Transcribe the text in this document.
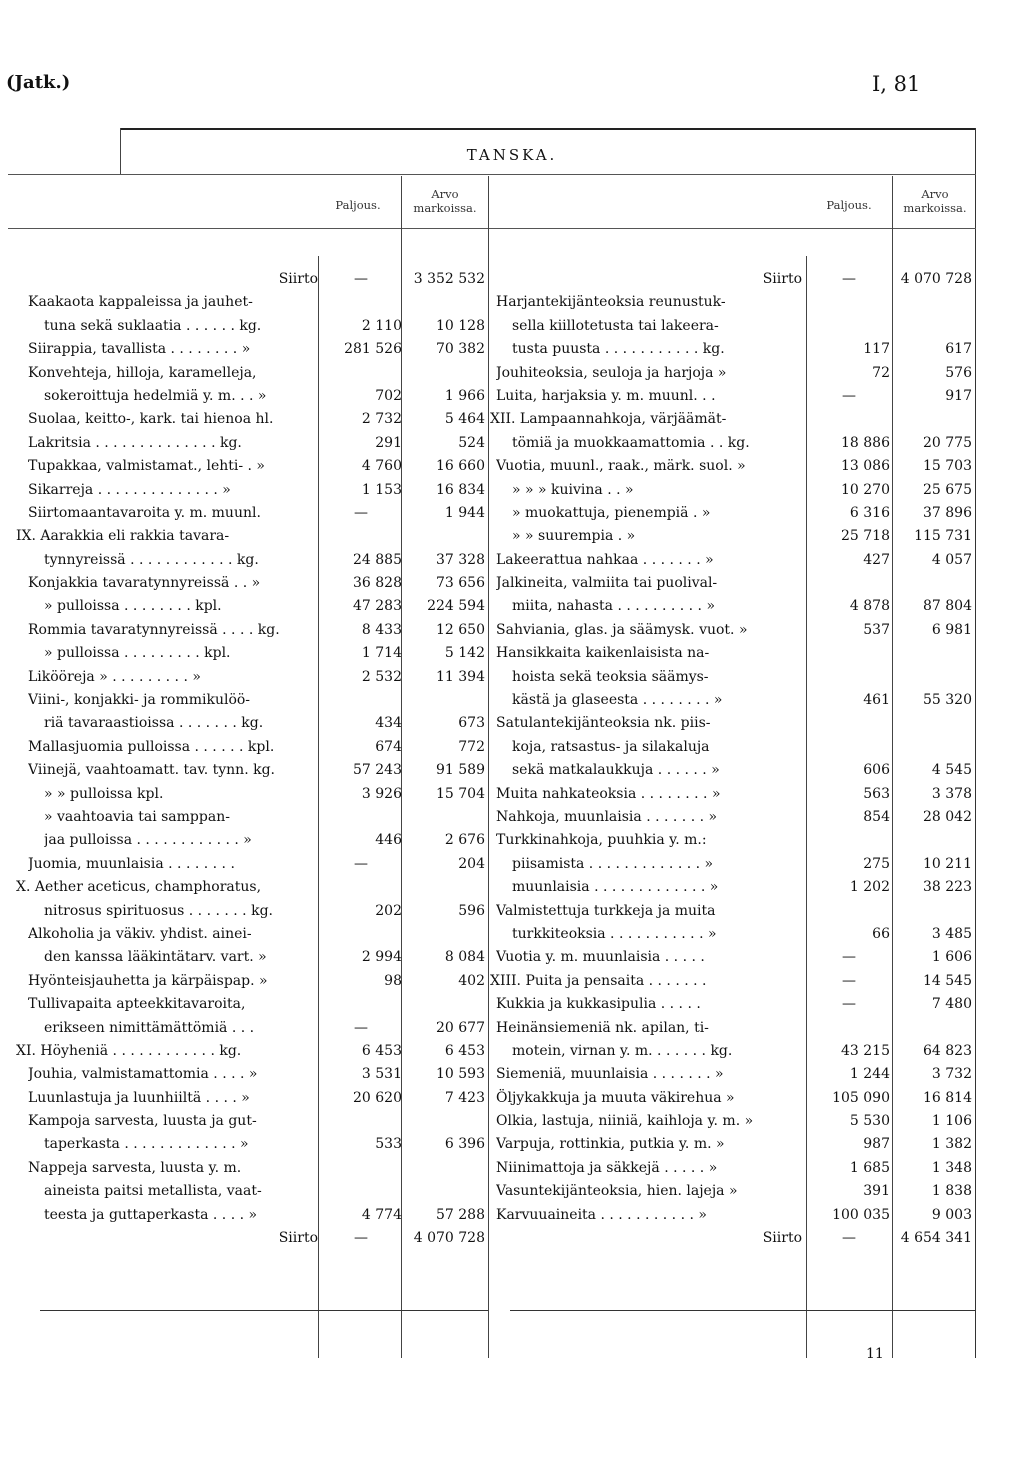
(Jatk.)	I, 81
TANSKA.
Paljous.
Arvo
markoissa.	Paljous.
Arvo
markoissa.
Siirto	—	3 352 532
Kaakaota kappaleissa ja jauhet-
tuna sekä suklaatia . . . . . . kg.	2 110	10 128
Siirappia, tavallista . . . . . . . . »	281 526	70 382
Konvehteja, hilloja, karamelleja,
sokeroittuja hedelmiä y. m. . . »	702	1 966
Suolaa, keitto-, kark. tai hienoa hl.	2 732	5 464
Lakritsia . . . . . . . . . . . . . . kg.	291	524
Tupakkaa, valmistamat., lehti- . »	4 760	16 660
Sikarreja . . . . . . . . . . . . . . »	1 153	16 834
Siirtomaantavaroita y. m. muunl.	—	1 944
IX. Aarakkia eli rakkia tavara-
tynnyreissä . . . . . . . . . . . . kg.	24 885	37 328
Konjakkia tavaratynnyreissä . . »	36 828	73 656
» pulloissa . . . . . . . . kpl.	47 283	224 594
Rommia tavaratynnyreissä . . . . kg.	8 433	12 650
» pulloissa . . . . . . . . . kpl.	1 714	5 142
Likööreja » . . . . . . . . . »	2 532	11 394
Viini-, konjakki- ja rommikulöö-
riä tavaraastioissa . . . . . . . kg.	434	673
Mallasjuomia pulloissa . . . . . . kpl.	674	772
Viinejä, vaahtoamatt. tav. tynn. kg.	57 243	91 589
» » pulloissa kpl.	3 926	15 704
» vaahtoavia tai samppan-
jaa pulloissa . . . . . . . . . . . . »	446	2 676
Juomia, muunlaisia . . . . . . . .	—	204
X. Aether aceticus, champhoratus,
nitrosus spirituosus . . . . . . . kg.	202	596
Alkoholia ja väkiv. yhdist. ainei-
den kanssa lääkintätarv. vart. »	2 994	8 084
Hyönteisjauhetta ja kärpäispap. »	98	402
Tullivapaita apteekkitavaroita,
erikseen nimittämättömiä . . .	—	20 677
XI. Höyheniä . . . . . . . . . . . . kg.	6 453	6 453
Jouhia, valmistamattomia . . . . »	3 531	10 593
Luunlastuja ja luunhiiltä . . . . »	20 620	7 423
Kampoja sarvesta, luusta ja gut-
taperkasta . . . . . . . . . . . . . »	533	6 396
Nappeja sarvesta, luusta y. m.
aineista paitsi metallista, vaat-
teesta ja guttaperkasta . . . . »	4 774	57 288
Siirto	—	4 070 728
Siirto	—	4 070 728
Harjantekijänteoksia reunustuk-
sella kiillotetusta tai lakeera-
tusta puusta . . . . . . . . . . . kg.	117	617
Jouhiteoksia, seuloja ja harjoja »	72	576
Luita, harjaksia y. m. muunl. . .	—	917
XII. Lampaannahkoja, värjäämät-
tömiä ja muokkaamattomia . . kg.	18 886	20 775
Vuotia, muunl., raak., märk. suol. »	13 086	15 703
» » » kuivina . . »	10 270	25 675
» muokattuja, pienempiä . »	6 316	37 896
» » suurempia . »	25 718	115 731
Lakeerattua nahkaa . . . . . . . »	427	4 057
Jalkineita, valmiita tai puolival-
miita, nahasta . . . . . . . . . . »	4 878	87 804
Sahviania, glas. ja säämysk. vuot. »	537	6 981
Hansikkaita kaikenlaisista na-
hoista sekä teoksia säämys-
kästä ja glaseesta . . . . . . . . »	461	55 320
Satulantekijänteoksia nk. piis-
koja, ratsastus- ja silakaluja
sekä matkalaukkuja . . . . . . »	606	4 545
Muita nahkateoksia . . . . . . . . »	563	3 378
Nahkoja, muunlaisia . . . . . . . »	854	28 042
Turkkinahkoja, puuhkia y. m.:
piisamista . . . . . . . . . . . . . »	275	10 211
muunlaisia . . . . . . . . . . . . . »	1 202	38 223
Valmistettuja turkkeja ja muita
turkkiteoksia . . . . . . . . . . . »	66	3 485
Vuotia y. m. muunlaisia . . . . .	—	1 606
XIII. Puita ja pensaita . . . . . . .	—	14 545
Kukkia ja kukkasipulia . . . . .	—	7 480
Heinänsiemeniä nk. apilan, ti-
motein, virnan y. m. . . . . . . kg.	43 215	64 823
Siemeniä, muunlaisia . . . . . . . »	1 244	3 732
Öljykakkuja ja muuta väkirehua »	105 090	16 814
Olkia, lastuja, niiniä, kaihloja y. m. »	5 530	1 106
Varpuja, rottinkia, putkia y. m. »	987	1 382
Niinimattoja ja säkkejä . . . . . »	1 685	1 348
Vasuntekijänteoksia, hien. lajeja »	391	1 838
Karvuuaineita . . . . . . . . . . . »	100 035	9 003
Siirto	—	4 654 341
11
